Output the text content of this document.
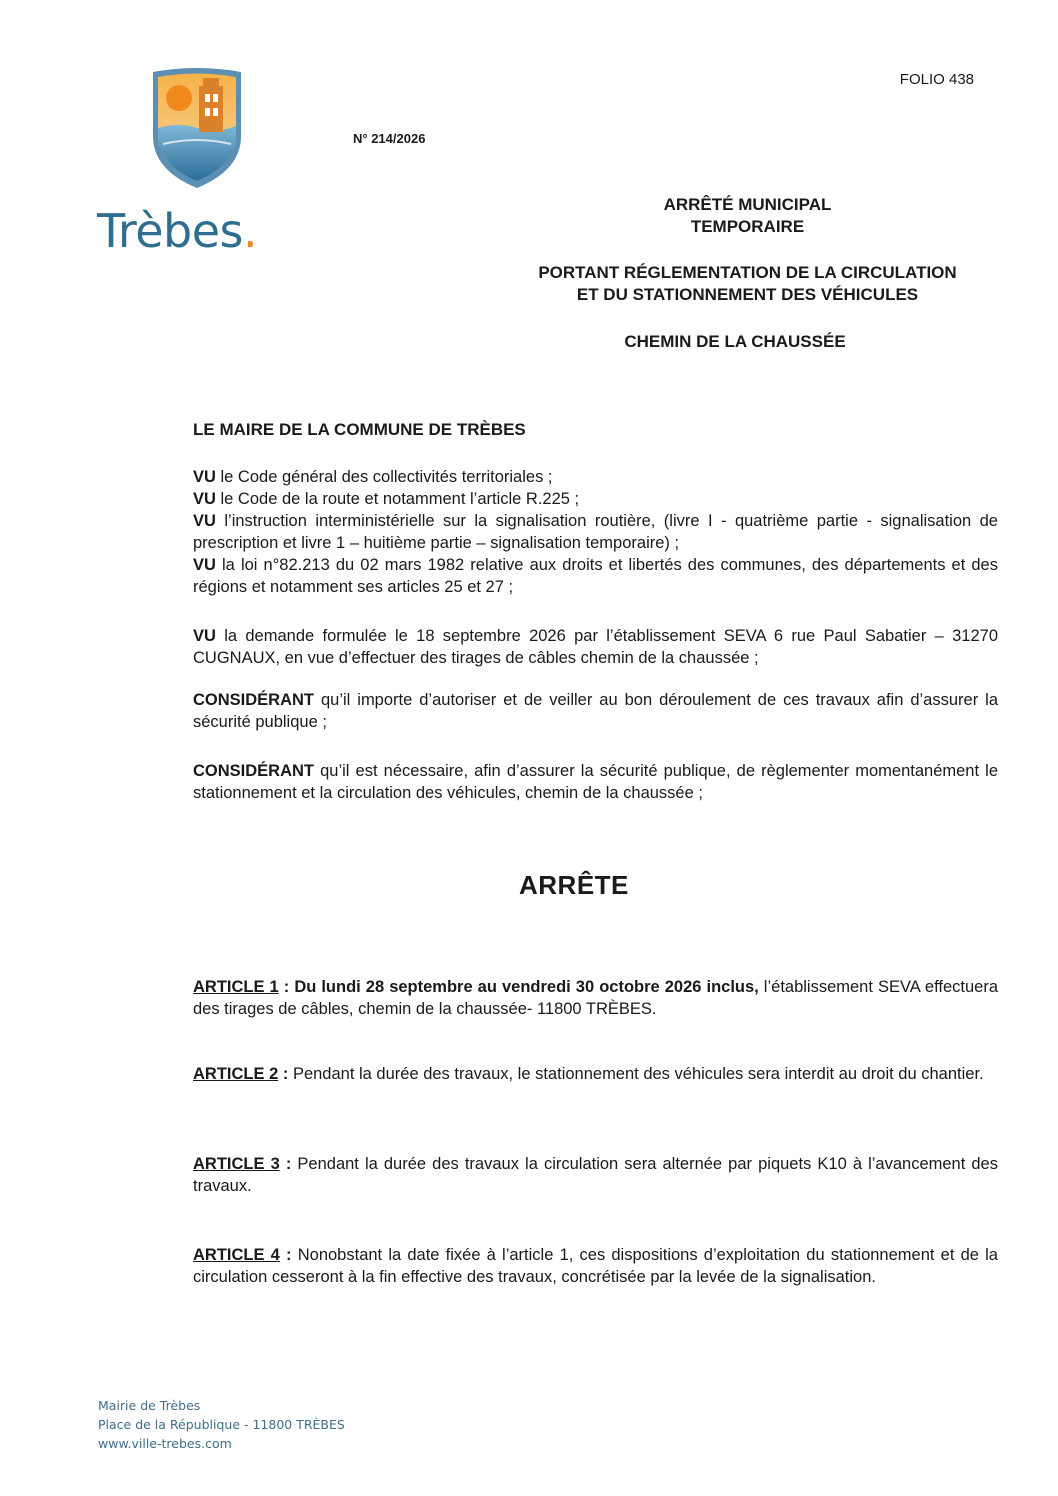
Trèbes.
FOLIO 438
N° 214/2026
ARRÊTÉ MUNICIPAL
TEMPORAIRE
PORTANT RÉGLEMENTATION DE LA CIRCULATION
ET DU STATIONNEMENT DES VÉHICULES
CHEMIN DE LA CHAUSSÉE
LE MAIRE DE LA COMMUNE DE TRÈBES

VU le Code général des collectivités territoriales ;

VU le Code de la route et notamment l’article R.225 ;

VU l’instruction interministérielle sur la signalisation routière, (livre I - quatrième partie - signalisation de prescription et livre 1 – huitième partie – signalisation temporaire) ;

VU la loi n°82.213 du 02 mars 1982 relative aux droits et libertés des communes, des départements et des régions et notamment ses articles 25 et 27 ;

VU la demande formulée le 18 septembre 2026 par l’établissement SEVA 6 rue Paul Sabatier – 31270 CUGNAUX, en vue d’effectuer des tirages de câbles chemin de la chaussée ;

CONSIDÉRANT qu’il importe d’autoriser et de veiller au bon déroulement de ces travaux afin d’assurer la sécurité publique ;

CONSIDÉRANT qu’il est nécessaire, afin d’assurer la sécurité publique, de règlementer momentanément le stationnement et la circulation des véhicules, chemin de la chaussée ;

ARRÊTE

ARTICLE 1 : Du lundi 28 septembre au vendredi 30 octobre 2026 inclus, l’établissement SEVA effectuera des tirages de câbles, chemin de la chaussée- 11800 TRÈBES.

ARTICLE 2 : Pendant la durée des travaux, le stationnement des véhicules sera interdit au droit du chantier.

ARTICLE 3 : Pendant la durée des travaux la circulation sera alternée par piquets K10 à l’avancement des travaux.

ARTICLE 4 : Nonobstant la date fixée à l’article 1, ces dispositions d’exploitation du stationnement et de la circulation cesseront à la fin effective des travaux, concrétisée par la levée de la signalisation.

Mairie de Trèbes
Place de la République - 11800 TRÈBES
www.ville-trebes.com
